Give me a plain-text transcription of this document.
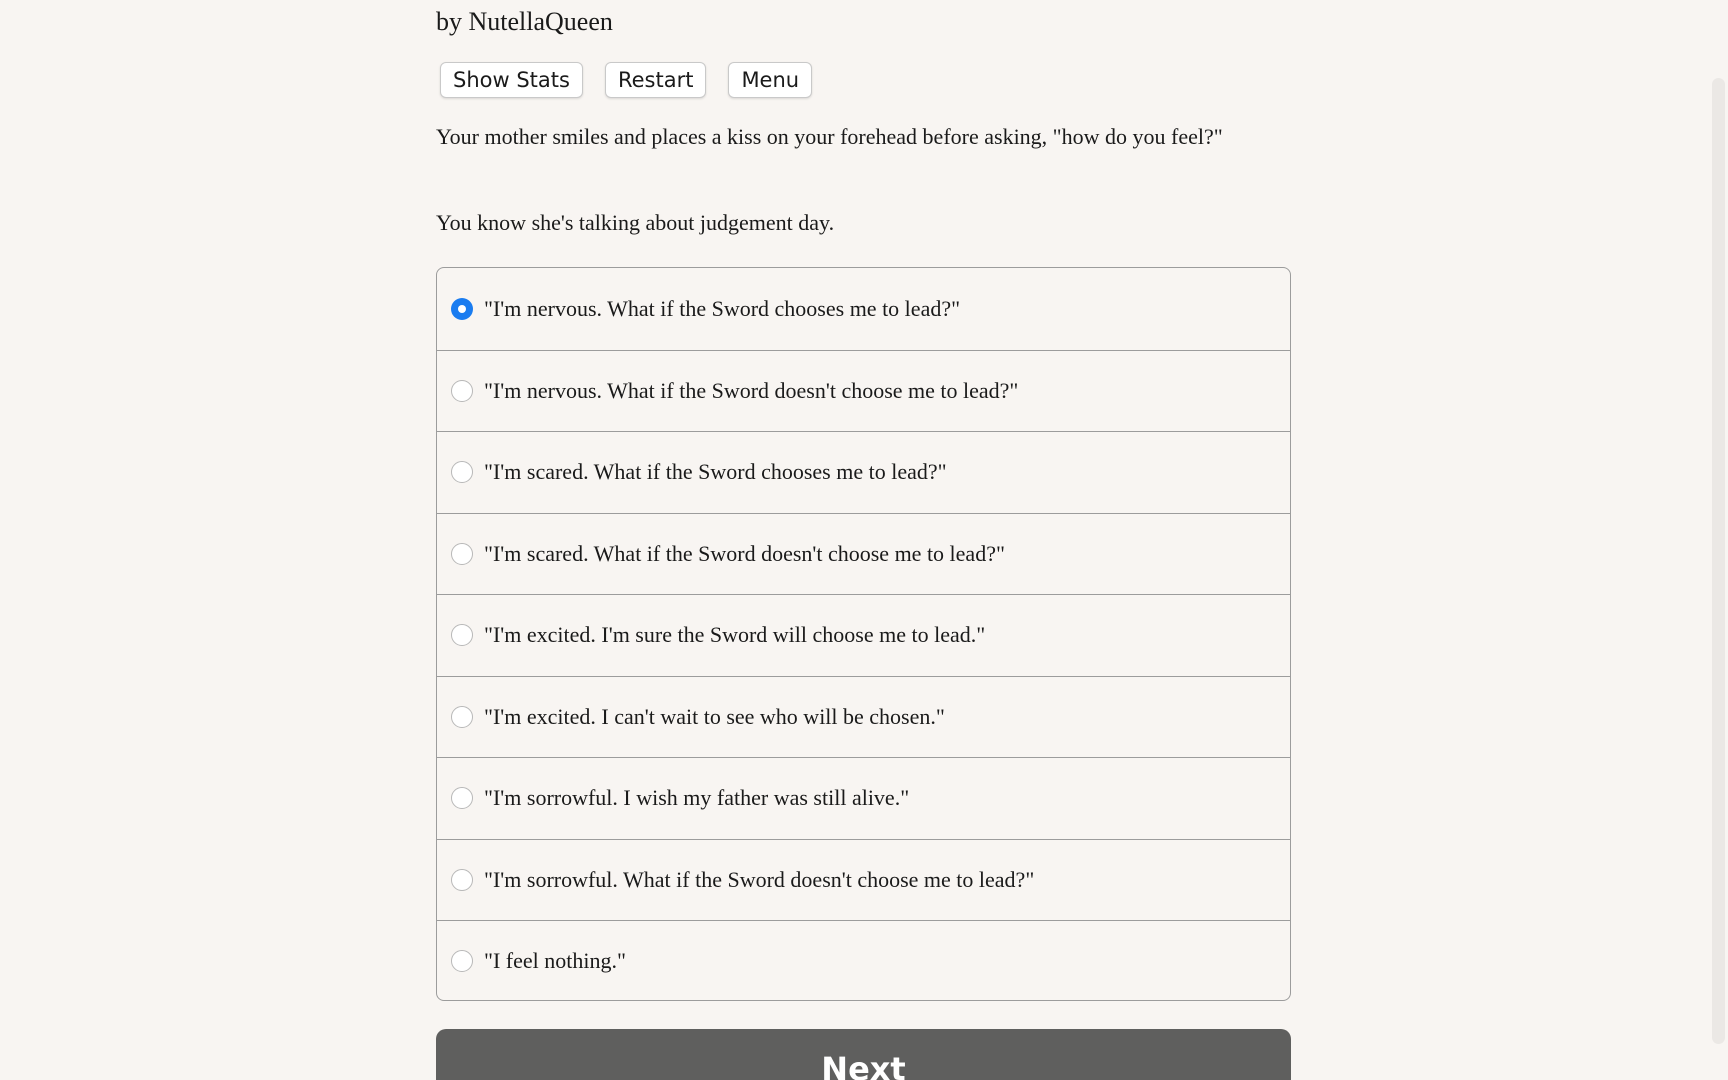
by NutellaQueen
Show Stats	Restart	Menu

Your mother smiles and places a kiss on your forehead before asking, "how do you feel?"

You know she's talking about judgement day.

"I'm nervous. What if the Sword chooses me to lead?"
"I'm nervous. What if the Sword doesn't choose me to lead?"
"I'm scared. What if the Sword chooses me to lead?"
"I'm scared. What if the Sword doesn't choose me to lead?"
"I'm excited. I'm sure the Sword will choose me to lead."
"I'm excited. I can't wait to see who will be chosen."
"I'm sorrowful. I wish my father was still alive."
"I'm sorrowful. What if the Sword doesn't choose me to lead?"
"I feel nothing."
Next
